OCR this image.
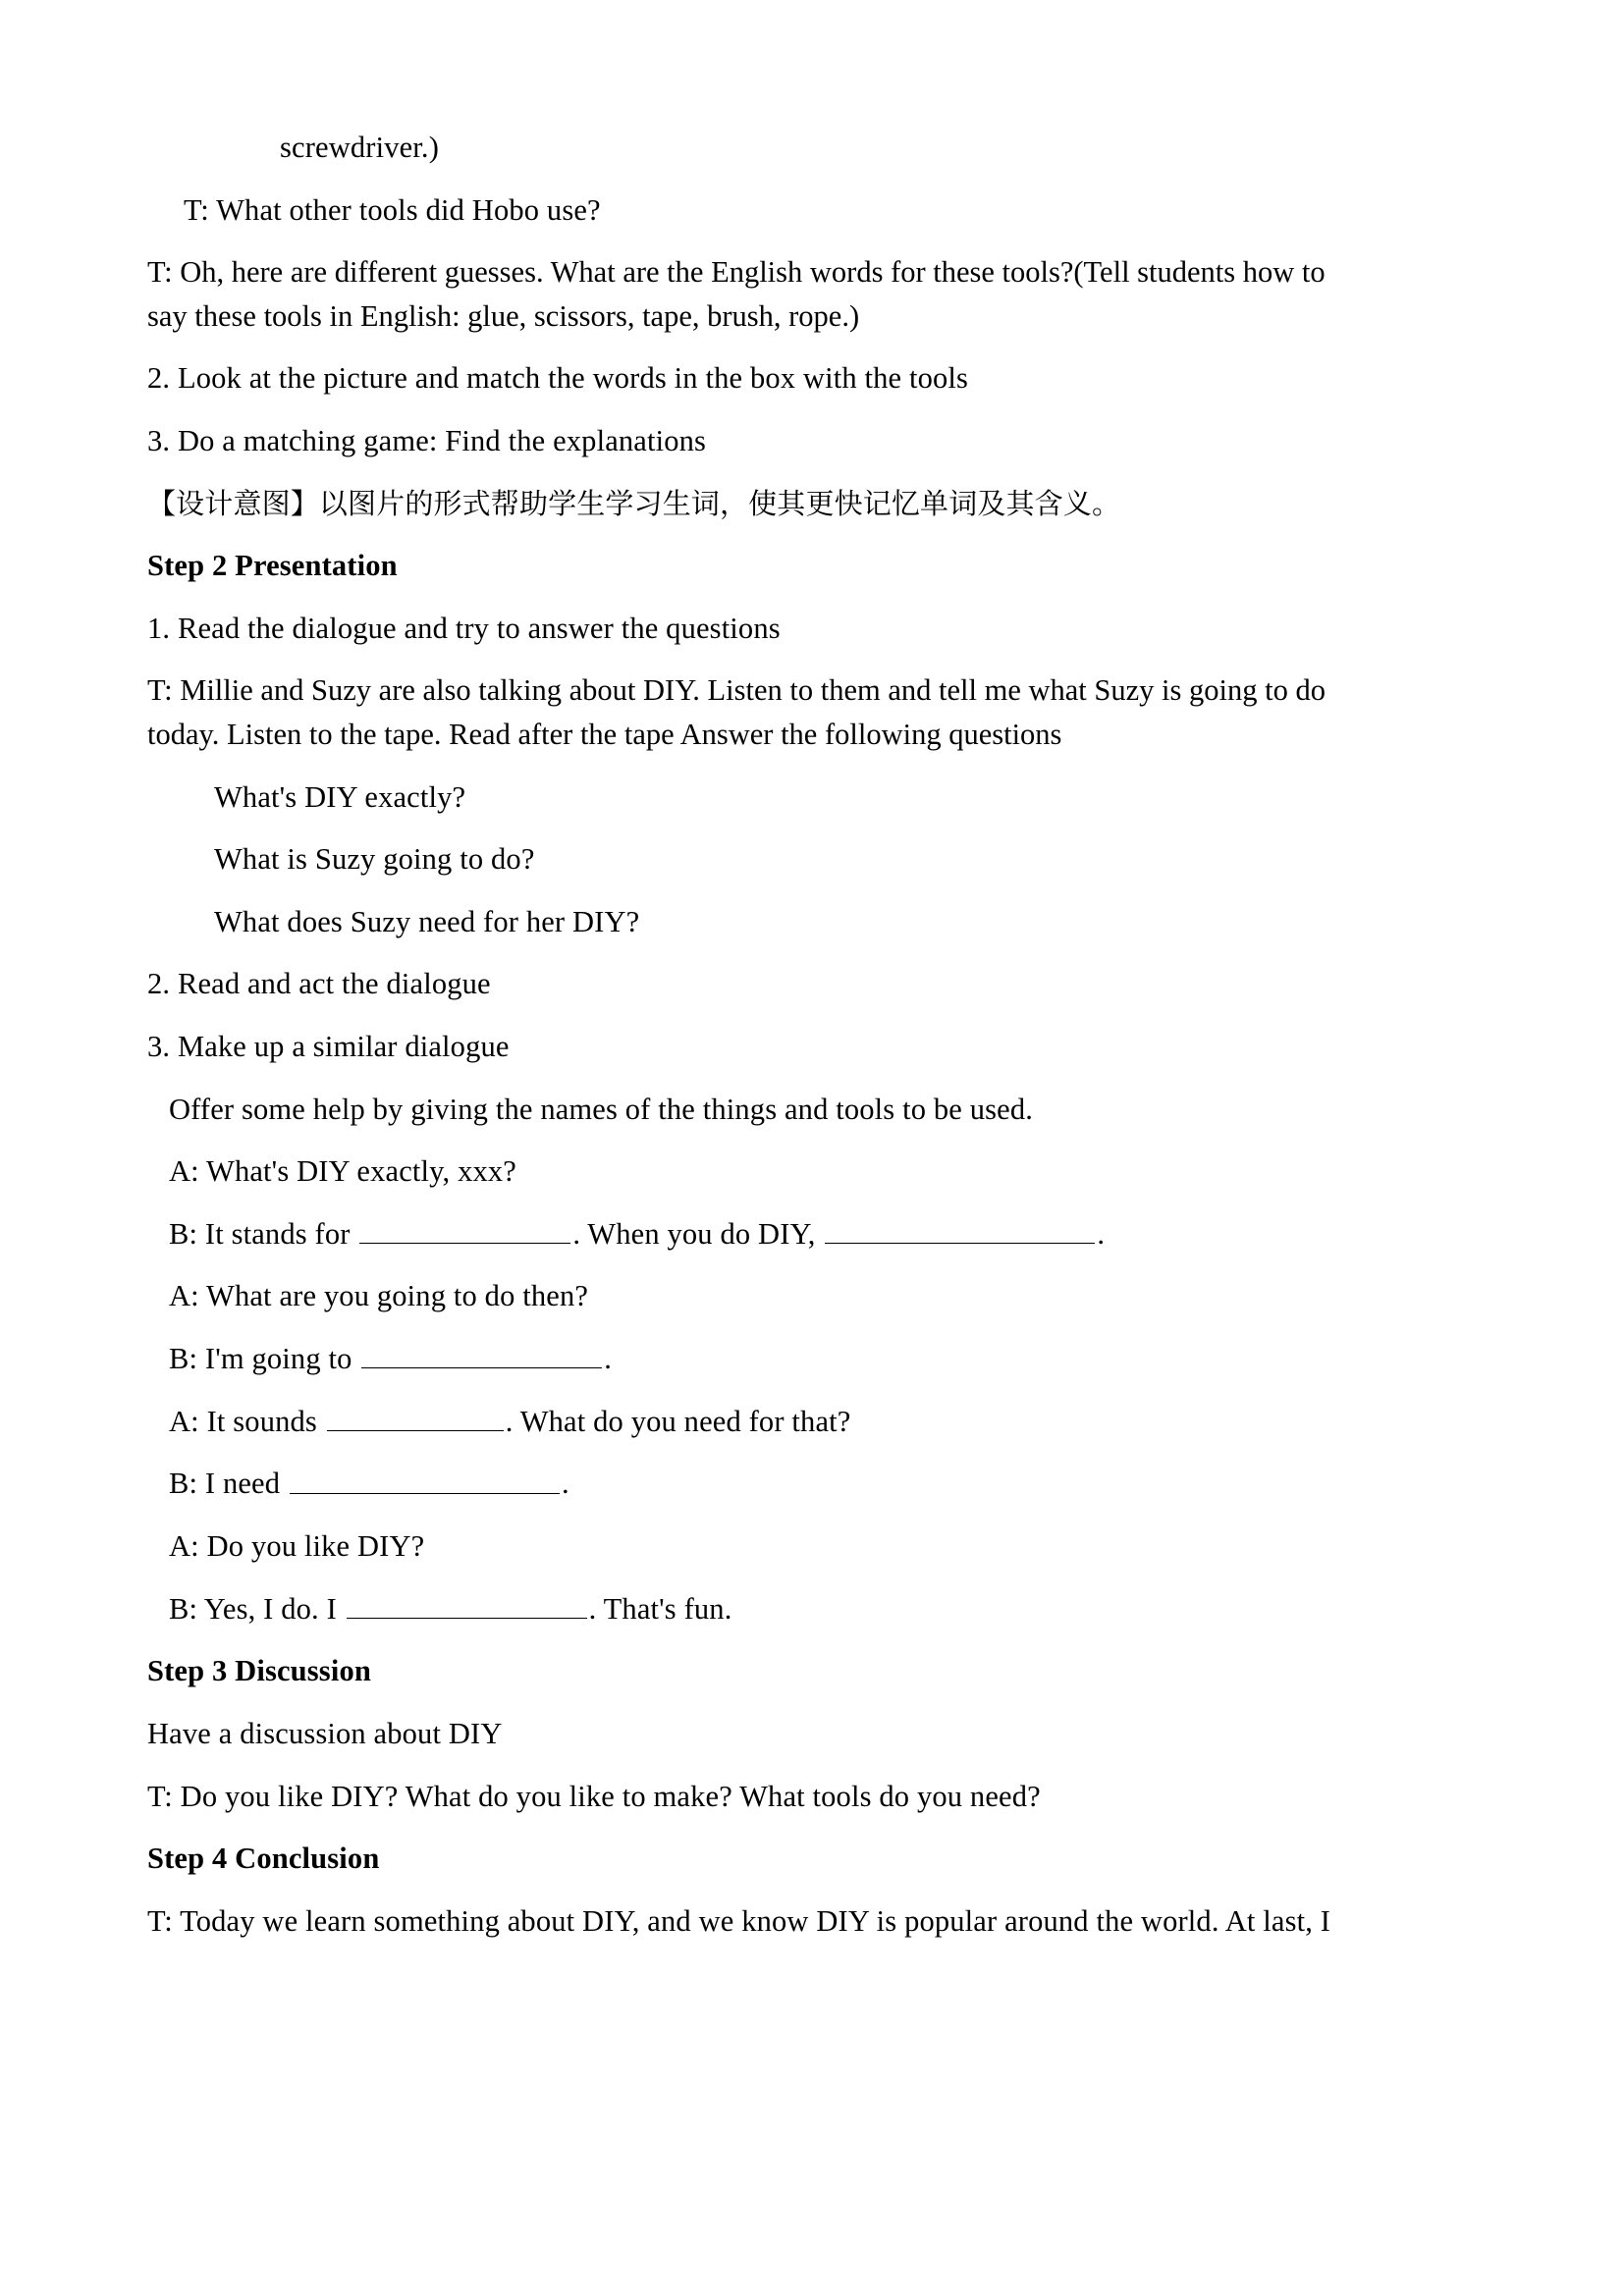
screwdriver.)

T: What other tools did Hobo use?

T: Oh, here are different guesses. What are the English words for these tools?(Tell students how to

say these tools in English: glue, scissors, tape, brush, rope.)

2. Look at the picture and match the words in the box with the tools

3. Do a matching game: Find the explanations

【设计意图】以图片的形式帮助学生学习生词，使其更快记忆单词及其含义。

Step 2 Presentation

1. Read the dialogue and try to answer the questions

T: Millie and Suzy are also talking about DIY. Listen to them and tell me what Suzy is going to do

today. Listen to the tape. Read after the tape Answer the following questions

What's DIY exactly?

What is Suzy going to do?

What does Suzy need for her DIY?

2. Read and act the dialogue

3. Make up a similar dialogue

Offer some help by giving the names of the things and tools to be used.

A: What's DIY exactly, xxx?

B: It stands for	. When you do DIY,	.

A: What are you going to do then?

B: I'm going to	.

A: It sounds	. What do you need for that?

B: I need	.

A: Do you like DIY?

B: Yes, I do. I	. That's fun.

Step 3 Discussion

Have a discussion about DIY

T: Do you like DIY? What do you like to make? What tools do you need?

Step 4 Conclusion

T: Today we learn something about DIY, and we know DIY is popular around the world. At last, I
